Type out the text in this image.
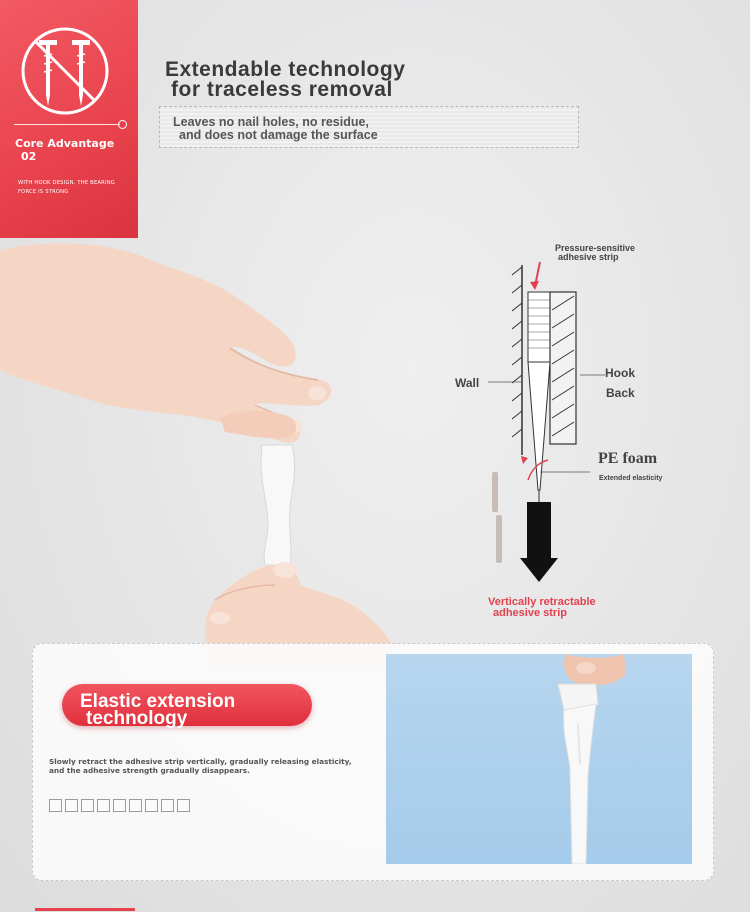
Core Advantage
02
WITH HOOK DESIGN, THE BEARING FORCE IS STRONG
Extendable technology
for traceless removal
Leaves no nail holes, no residue,
and does not damage the surface
Pressure-sensitive
adhesive strip
Wall
Hook
Back
PE foam
Extended elasticity
Vertically retractable
adhesive strip
Elastic extension
technology
Slowly retract the adhesive strip vertically, gradually releasing elasticity, and the adhesive strength gradually disappears.
